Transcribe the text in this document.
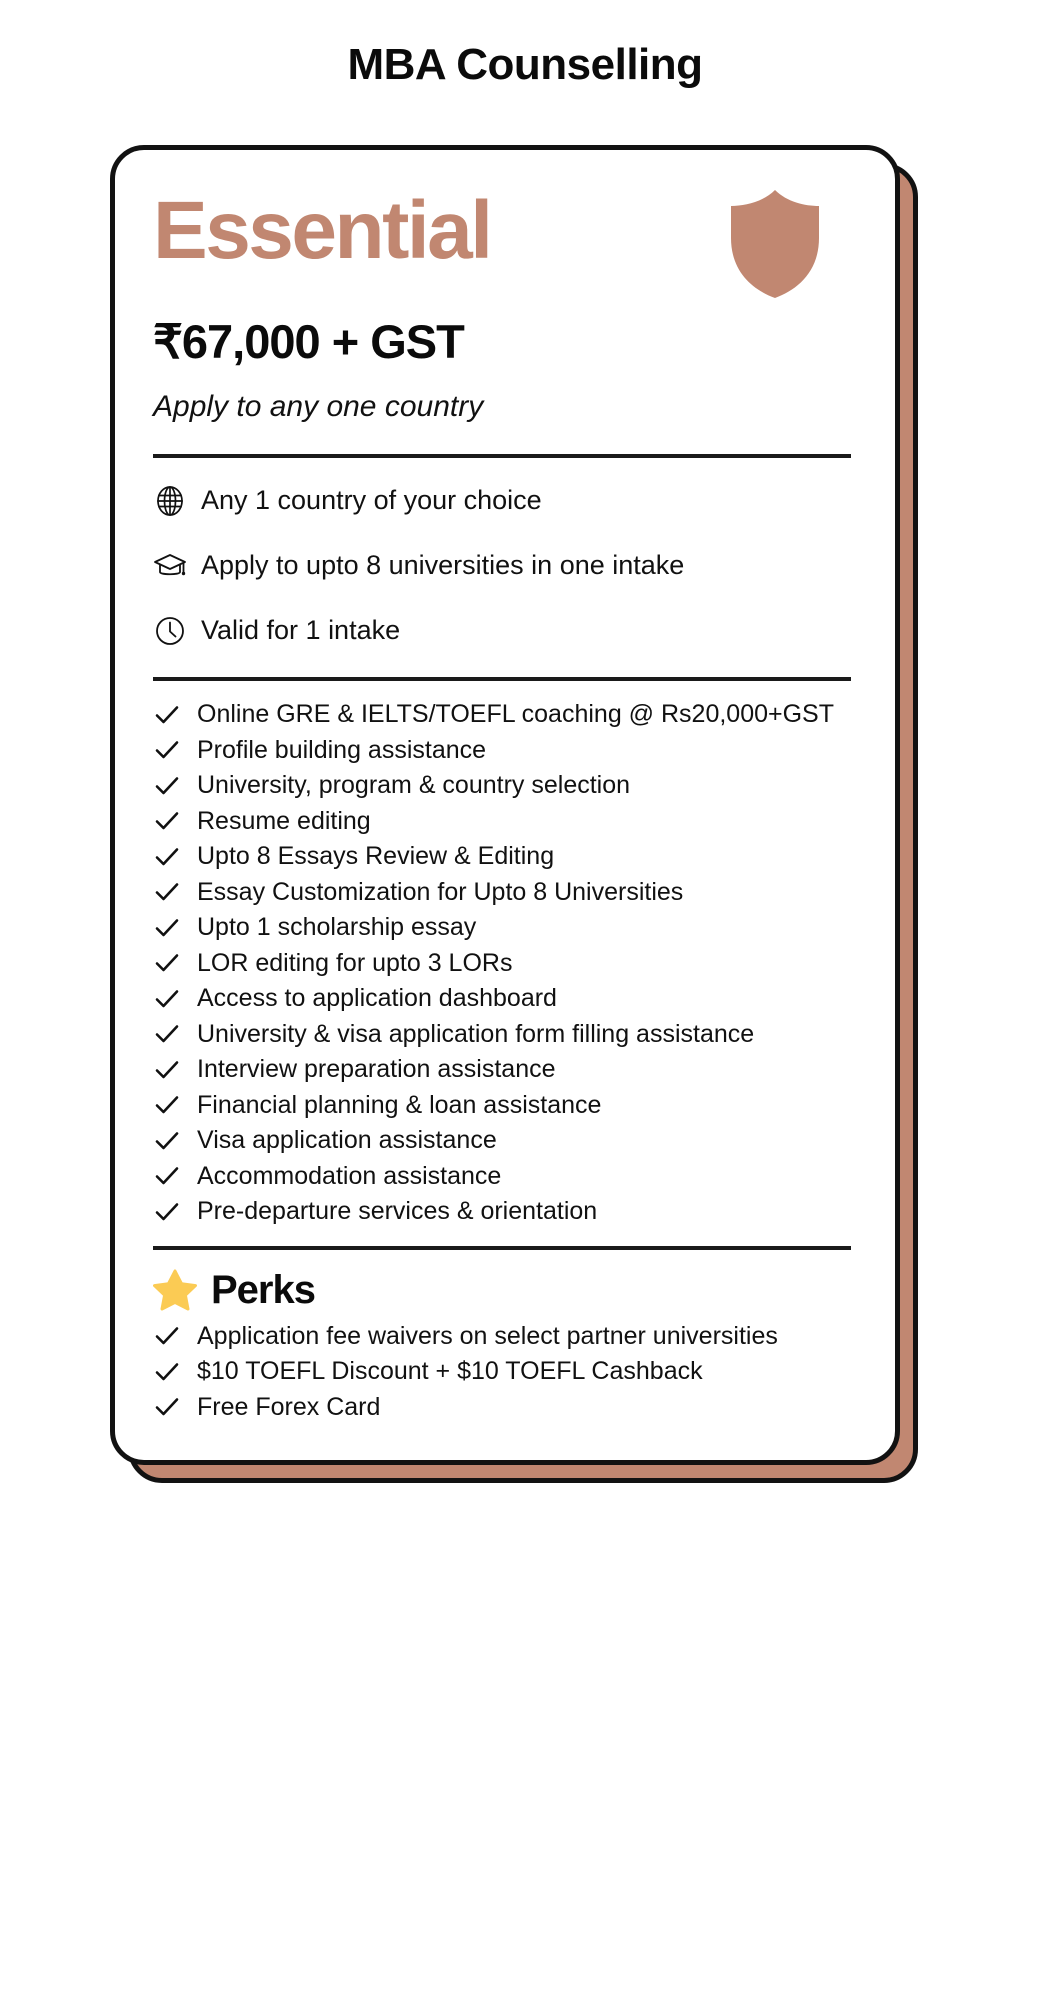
MBA Counselling
Essential
₹67,000 + GST
Apply to any one country
Any 1 country of your choice
Apply to upto 8 universities in one intake
Valid for 1 intake
Online GRE & IELTS/TOEFL coaching @ Rs20,000+GST
Profile building assistance
University, program & country selection
Resume editing
Upto 8 Essays Review & Editing
Essay Customization for Upto 8 Universities
Upto 1 scholarship essay
LOR editing for upto 3 LORs
Access to application dashboard
University & visa application form filling assistance
Interview preparation assistance
Financial planning & loan assistance
Visa application assistance
Accommodation assistance
Pre-departure services & orientation
Perks
Application fee waivers on select partner universities
$10 TOEFL Discount + $10 TOEFL Cashback
Free Forex Card
